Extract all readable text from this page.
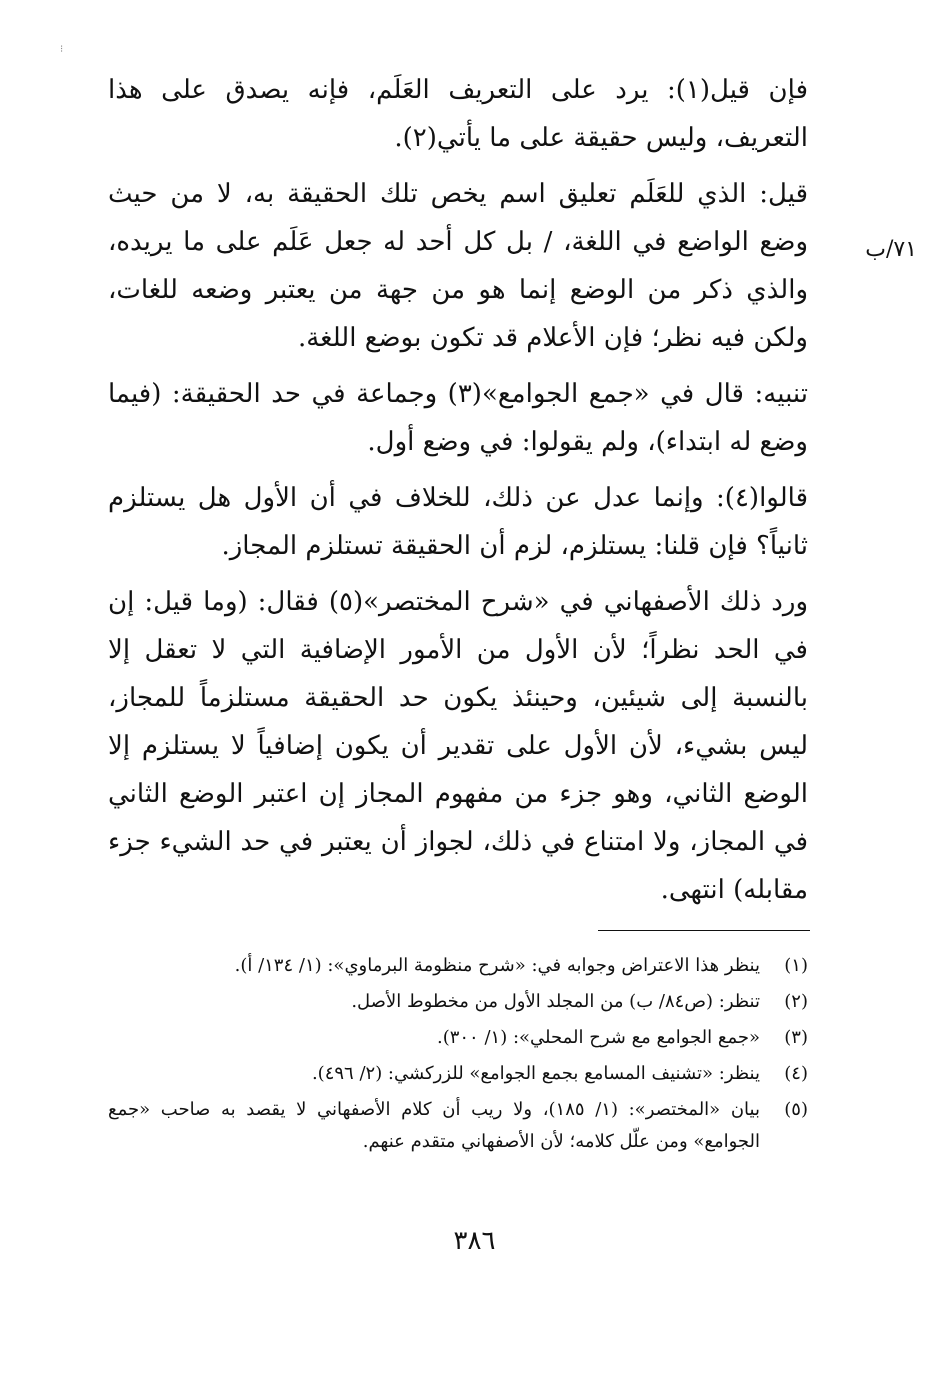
⁝
٧١/ب

فإن قيل(١): يرد على التعريف العَلَم، فإنه يصدق على هذا التعريف، وليس حقيقة على ما يأتي(٢).

قيل: الذي للعَلَم تعليق اسم يخص تلك الحقيقة به، لا من حيث وضع الواضع في اللغة، / بل كل أحد له جعل عَلَم على ما يريده، والذي ذكر من الوضع إنما هو من جهة من يعتبر وضعه للغات، ولكن فيه نظر؛ فإن الأعلام قد تكون بوضع اللغة.

تنبيه: قال في «جمع الجوامع»(٣) وجماعة في حد الحقيقة: (فيما وضع له ابتداء)، ولم يقولوا: في وضع أول.

قالوا(٤): وإنما عدل عن ذلك، للخلاف في أن الأول هل يستلزم ثانياً؟ فإن قلنا: يستلزم، لزم أن الحقيقة تستلزم المجاز.

ورد ذلك الأصفهاني في «شرح المختصر»(٥) فقال: (وما قيل: إن في الحد نظراً؛ لأن الأول من الأمور الإضافية التي لا تعقل إلا بالنسبة إلى شيئين، وحينئذ يكون حد الحقيقة مستلزماً للمجاز، ليس بشيء، لأن الأول على تقدير أن يكون إضافياً لا يستلزم إلا الوضع الثاني، وهو جزء من مفهوم المجاز إن اعتبر الوضع الثاني في المجاز، ولا امتناع في ذلك، لجواز أن يعتبر في حد الشيء جزء مقابله) انتهى.

(١)
ينظر هذا الاعتراض وجوابه في: «شرح منظومة البرماوي»: (١/ ١٣٤/ أ).
(٢)
تنظر: (ص٨٤/ ب) من المجلد الأول من مخطوط الأصل.
(٣)
«جمع الجوامع مع شرح المحلي»: (١/ ٣٠٠).
(٤)
ينظر: «تشنيف المسامع بجمع الجوامع» للزركشي: (٢/ ٤٩٦).
(٥)
بيان «المختصر»: (١/ ١٨٥)، ولا ريب أن كلام الأصفهاني لا يقصد به صاحب «جمع الجوامع» ومن علّل كلامه؛ لأن الأصفهاني متقدم عنهم.
٣٨٦
